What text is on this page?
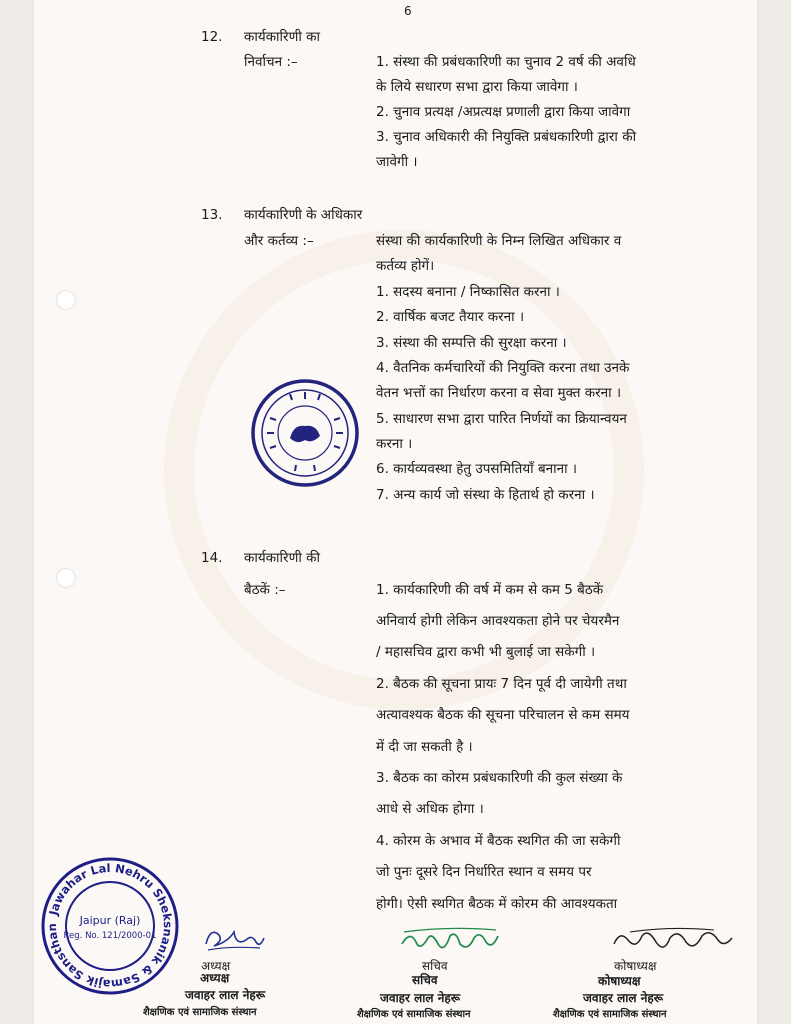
6
12. कार्यकारिणी का
निर्वाचन :–	1. संस्था की प्रबंधकारिणी का चुनाव 2 वर्ष की अवधि
के लिये सधारण सभा द्वारा किया जावेगा ।
2. चुनाव प्रत्यक्ष /अप्रत्यक्ष प्रणाली द्वारा किया जावेगा
3. चुनाव अधिकारी की नियुक्ति प्रबंधकारिणी द्वारा की
जावेगी ।
13. कार्यकारिणी के अधिकार
और कर्तव्य :–	संस्था की कार्यकारिणी के निम्न लिखित अधिकार व
कर्तव्य होगें।
1. सदस्य बनाना / निष्कासित करना ।
2. वार्षिक बजट तैयार करना ।
3. संस्था की सम्पत्ति की सुरक्षा करना ।
4. वैतनिक कर्मचारियों की नियुक्ति करना तथा उनके
वेतन भत्तों का निर्धारण करना व सेवा मुक्त करना ।
5. साधारण सभा द्वारा पारित निर्णयों का क्रियान्वयन
करना ।
6. कार्यव्यवस्था हेतु उपसमितियॉं बनाना ।
7. अन्य कार्य जो संस्था के हितार्थ हो करना ।
14. कार्यकारिणी की
बैठकें :–	1. कार्यकारिणी की वर्ष में कम से कम 5 बैठकें
अनिवार्य होगी लेकिन आवश्यकता होने पर चेयरमैन
/ महासचिव द्वारा कभी भी बुलाई जा सकेगी ।
2. बैठक की सूचना प्रायः 7 दिन पूर्व दी जायेगी तथा
अत्यावश्यक बैठक की सूचना परिचालन से कम समय
में दी जा सकती है ।
3. बैठक का कोरम प्रबंधकारिणी की कुल संख्या के
आधे से अधिक होगा ।
4. कोरम के अभाव में बैठक स्थगित की जा सकेगी
जो पुनः दूसरे दिन निर्धारित स्थान व समय पर
होगी। ऐसी स्थगित बैठक में कोरम की आवश्यकता
Jawahar Lal Nehru Sheksnanik & Samajik Sansthan
Jaipur (Raj)
Reg. No. 121/2000-01
अध्यक्ष
अध्यक्ष
जवाहर लाल नेहरू
शैक्षणिक एवं सामाजिक संस्थान
सचिव
सचिव
जवाहर लाल नेहरू
शैक्षणिक एवं सामाजिक संस्थान
कोषाध्यक्ष
कोषाध्यक्ष
जवाहर लाल नेहरू
शैक्षणिक एवं सामाजिक संस्थान
